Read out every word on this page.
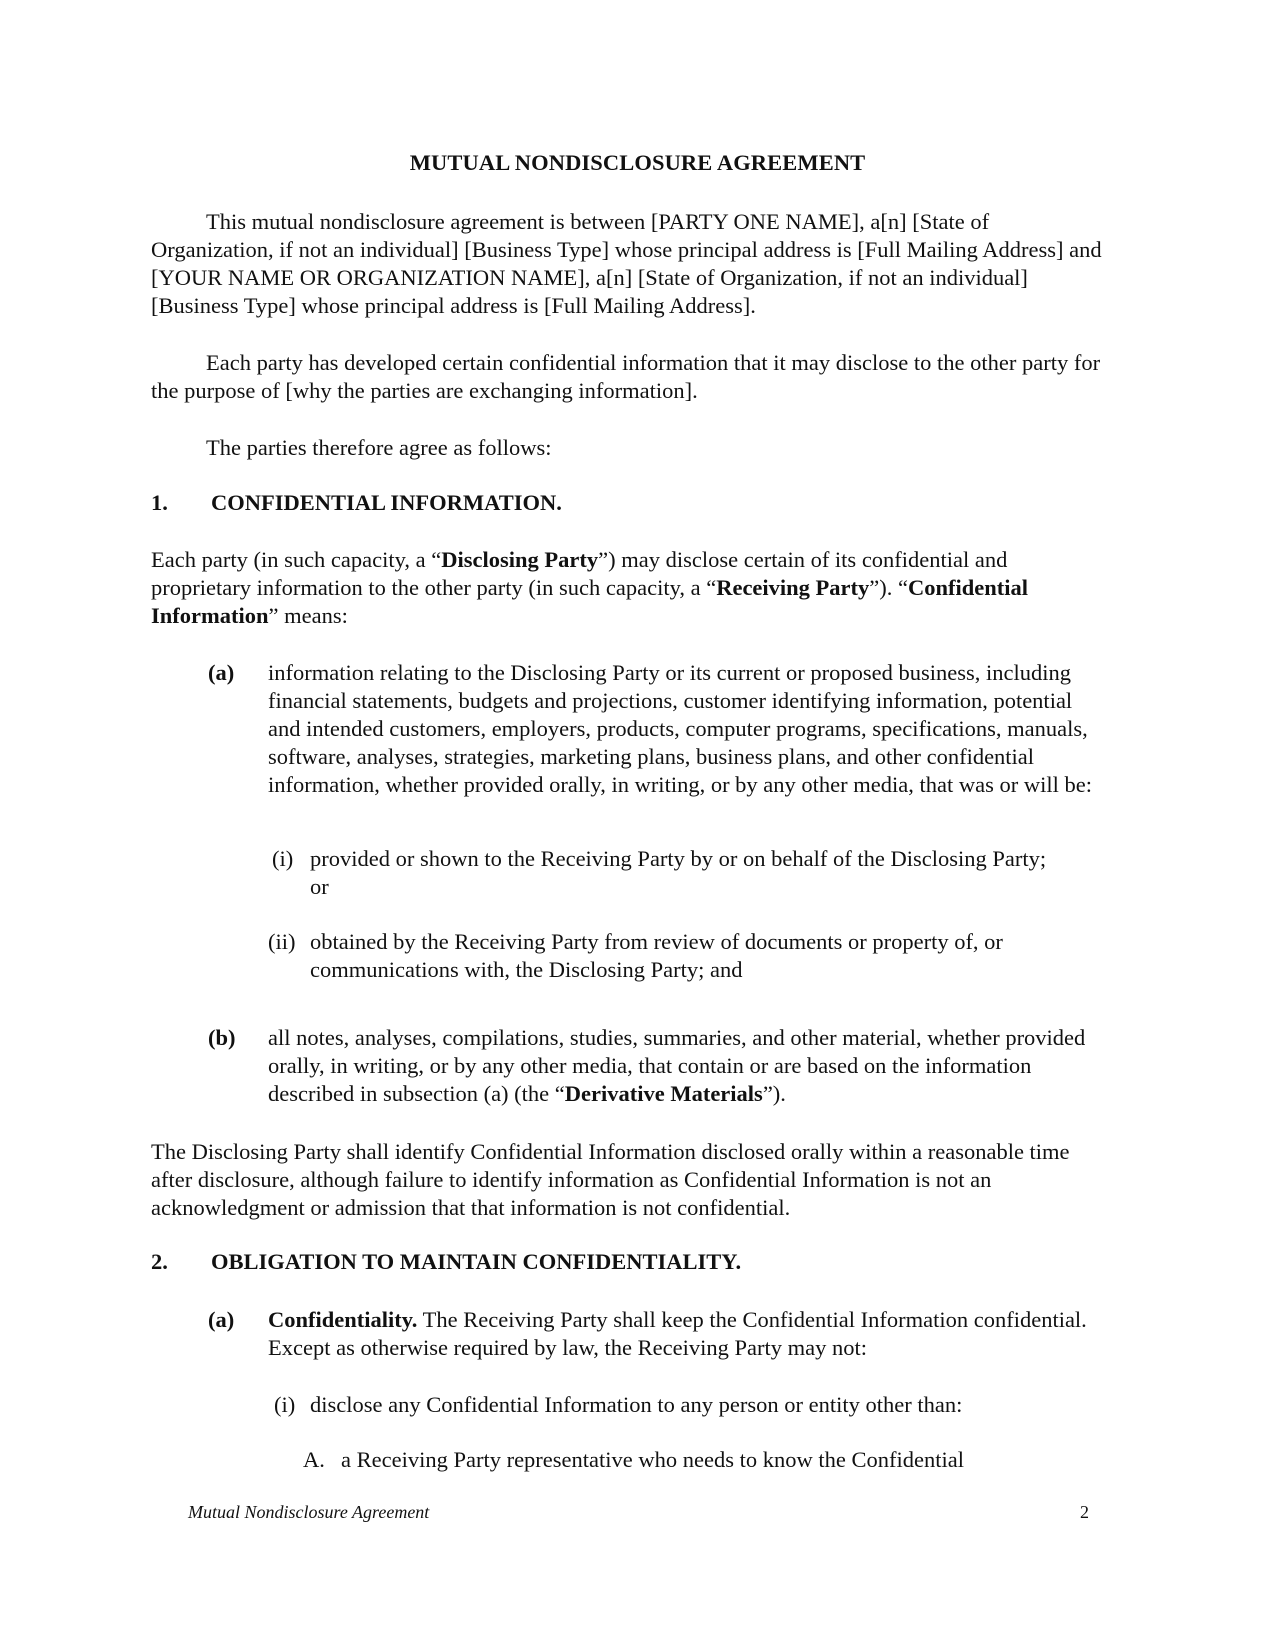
MUTUAL NONDISCLOSURE AGREEMENT
This mutual nondisclosure agreement is between [PARTY ONE NAME], a[n] [State of Organization, if not an individual] [Business Type] whose principal address is [Full Mailing Address] and [YOUR NAME OR ORGANIZATION NAME], a[n] [State of Organization, if not an individual] [Business Type] whose principal address is [Full Mailing Address].
Each party has developed certain confidential information that it may disclose to the other party for the purpose of [why the parties are exchanging information].
The parties therefore agree as follows:
1. CONFIDENTIAL INFORMATION.
Each party (in such capacity, a “Disclosing Party”) may disclose certain of its confidential and proprietary information to the other party (in such capacity, a “Receiving Party”). “Confidential Information” means:
(a) information relating to the Disclosing Party or its current or proposed business, including financial statements, budgets and projections, customer identifying information, potential and intended customers, employers, products, computer programs, specifications, manuals, software, analyses, strategies, marketing plans, business plans, and other confidential information, whether provided orally, in writing, or by any other media, that was or will be:
(i) provided or shown to the Receiving Party by or on behalf of the Disclosing Party; or
(ii) obtained by the Receiving Party from review of documents or property of, or communications with, the Disclosing Party; and
(b) all notes, analyses, compilations, studies, summaries, and other material, whether provided orally, in writing, or by any other media, that contain or are based on the information described in subsection (a) (the “Derivative Materials”).
The Disclosing Party shall identify Confidential Information disclosed orally within a reasonable time after disclosure, although failure to identify information as Confidential Information is not an acknowledgment or admission that that information is not confidential.
2. OBLIGATION TO MAINTAIN CONFIDENTIALITY.
(a) Confidentiality. The Receiving Party shall keep the Confidential Information confidential. Except as otherwise required by law, the Receiving Party may not:
(i) disclose any Confidential Information to any person or entity other than:
A. a Receiving Party representative who needs to know the Confidential
Mutual Nondisclosure Agreement	2
